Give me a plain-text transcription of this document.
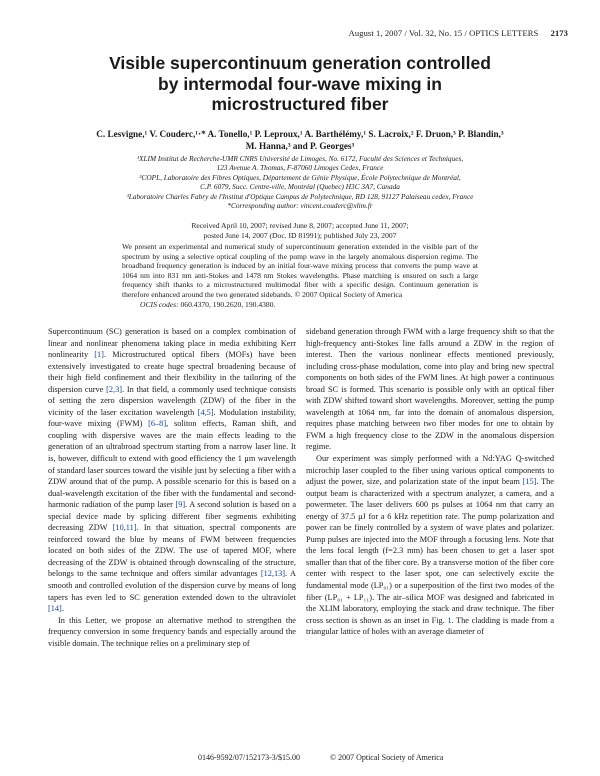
August 1, 2007 / Vol. 32, No. 15 / OPTICS LETTERS 2173
Visible supercontinuum generation controlled
by intermodal four-wave mixing in
microstructured fiber
C. Lesvigne,¹ V. Couderc,¹·* A. Tonello,¹ P. Leproux,¹ A. Barthélémy,¹ S. Lacroix,² F. Druon,³ P. Blandin,³
M. Hanna,³ and P. Georges³
¹XLIM Institut de Recherche-UMR CNRS Université de Limoges, No. 6172, Faculté des Sciences et Techniques,
123 Avenue A. Thomas, F-87060 Limoges Cedex, France
²COPL, Laboratoire des Fibres Optiques, Département de Génie Physique, École Polytechnique de Montréal,
C.P. 6079, Succ. Centre-ville, Montréal (Quebec) H3C 3A7, Canada
³Laboratoire Charles Fabry de l'Institut d'Optique Campus de Polytechnique, RD 128, 91127 Palaiseau cedex, France
*Corresponding author: vincent.couderc@xlim.fr
Received April 10, 2007; revised June 8, 2007; accepted June 11, 2007;
posted June 14, 2007 (Doc. ID 81991); published July 23, 2007
We present an experimental and numerical study of supercontinuum generation extended in the visible part of the spectrum by using a selective optical coupling of the pump wave in the largely anomalous dispersion regime. The broadband frequency generation is induced by an initial four-wave mixing process that converts the pump wave at 1064 nm into 831 nm anti-Stokes and 1478 nm Stokes wavelengths. Phase matching is ensured on such a large frequency shift thanks to a microstructured multimodal fiber with a specific design. Continuum generation is therefore enhanced around the two generated sidebands. © 2007 Optical Society of America
OCIS codes: 060.4370, 190.2620, 190.4380.

Supercontinuum (SC) generation is based on a complex combination of linear and nonlinear phenomena taking place in media exhibiting Kerr nonlinearity [1]. Microstructured optical fibers (MOFs) have been extensively investigated to create huge spectral broadening because of their high field confinement and their flexibility in the tailoring of the dispersion curve [2,3]. In that field, a commonly used technique consists of setting the zero dispersion wavelength (ZDW) of the fiber in the vicinity of the laser excitation wavelength [4,5]. Modulation instability, four-wave mixing (FWM) [6–8], soliton effects, Raman shift, and coupling with dispersive waves are the main effects leading to the generation of an ultrabroad spectrum starting from a narrow laser line. It is, however, difficult to extend with good efficiency the 1 μm wavelength of standard laser sources toward the visible just by selecting a fiber with a ZDW around that of the pump. A possible scenario for this is based on a dual-wavelength excitation of the fiber with the fundamental and second-harmonic radiation of the pump laser [9]. A second solution is based on a special device made by splicing different fiber segments exhibiting decreasing ZDW [10,11]. In that situation, spectral components are reinforced toward the blue by means of FWM between frequencies located on both sides of the ZDW. The use of tapered MOF, where decreasing of the ZDW is obtained through downscaling of the structure, belongs to the same technique and offers similar advantages [12,13]. A smooth and controlled evolution of the dispersion curve by means of long tapers has even led to SC generation extended down to the ultraviolet [14].

In this Letter, we propose an alternative method to strengthen the frequency conversion in some frequency bands and especially around the visible domain. The technique relies on a preliminary step of

sideband generation through FWM with a large frequency shift so that the high-frequency anti-Stokes line falls around a ZDW in the region of interest. Then the various nonlinear effects mentioned previously, including cross-phase modulation, come into play and bring new spectral components on both sides of the FWM lines. At high power a continuous broad SC is formed. This scenario is possible only with an optical fiber with ZDW shifted toward short wavelengths. Moreover, setting the pump wavelength at 1064 nm, far into the domain of anomalous dispersion, requires phase matching between two fiber modes for one to obtain by FWM a high frequency close to the ZDW in the anomalous dispersion regime.

Our experiment was simply performed with a Nd:YAG Q-switched microchip laser coupled to the fiber using various optical components to adjust the power, size, and polarization state of the input beam [15]. The output beam is characterized with a spectrum analyzer, a camera, and a powermeter. The laser delivers 600 ps pulses at 1064 nm that carry an energy of 37.5 μJ for a 6 kHz repetition rate. The pump polarization and power can be finely controlled by a system of wave plates and polarizer. Pump pulses are injected into the MOF through a focusing lens. Note that the lens focal length (f=2.3 mm) has been chosen to get a laser spot smaller than that of the fiber core. By a transverse motion of the fiber core center with respect to the laser spot, one can selectively excite the fundamental mode (LP₀₁) or a superposition of the first two modes of the fiber (LP₀₁ + LP₁₁). The air–silica MOF was designed and fabricated in the XLIM laboratory, employing the stack and draw technique. The fiber cross section is shown as an inset in Fig. 1. The cladding is made from a triangular lattice of holes with an average diameter of

0146-9592/07/152173-3/$15.00	© 2007 Optical Society of America
